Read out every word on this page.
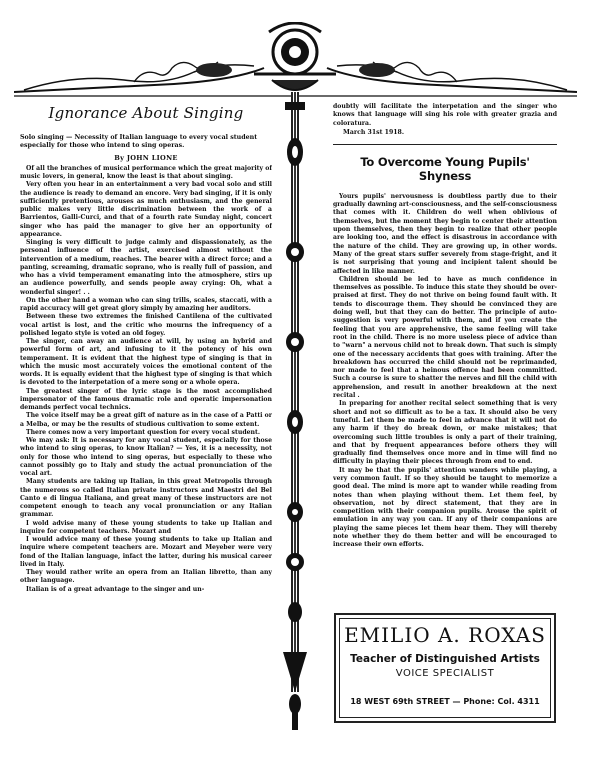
Ignorance About Singing
Solo singing — Necessity of Italian language to every vocal student especially for those who intend to sing operas.
By JOHN LIONE

Of all the branches of musical performance which the great majority of music lovers, in general, know the least is that about singing.

Very often you hear in an entertainment a very bad vocal solo and still the audience is ready to demand an encore. Very bad singing, if it is only sufficiently pretentious, arouses as much enthusiasm, and the general public makes very little discrimination between the work of a Barrientos, Galli-Curci, and that of a fourth rate Sunday night, concert singer who has paid the manager to give her an opportunity of appearance.

Singing is very difficult to judge calmly and dispassionately, as the personal influence of the artist, exercised almost without the intervention of a medium, reaches. The bearer with a direct force; and a panting, screaming, dramatic soprano, who is really full of passion, and who has a vivid temperament emanating into the atmosphere, stirs up an audience powerfully, and sends people away crying: Oh, what a wonderful singer! . .

On the other hand a woman who can sing trills, scales, staccati, with a rapid accuracy will get great glory simply by amazing her auditors.

Between these two extremes the finished Cantilena of the cultivated vocal artist is lost, and the critic who mourns the infrequency of a polished legato style is voted an old fogey.

The singer, can away an audience at will, by using an hybrid and powerful form of art, and infusing to it the potency of his own temperament. It is evident that the highest type of singing is that in which the music most accurately voices the emotional content of the words. It is equally evident that the highest type of singing is that which is devoted to the interpetation of a mere song or a whole opera.

The greatest singer of the lyric stage is the most accomplished impersonator of the famous dramatic role and operatic impersonation demands perfect vocal technics.

The voice itself may be a great gift of nature as in the case of a Patti or a Melba, or may be the results of studious cultivation to some extent.

There comes now a very important question for every vocal student.

We may ask: It is necessary for any vocal student, especially for those who intend to sing operas, to know Italian? — Yes, it is a necessity, not only for those who intend to sing operas, but especially to these who cannot possibly go to Italy and study the actual pronunciation of the vocal art.

Many students are taking up Italian, in this great Metropolis through the numerous so called Italian private instructors and Maestri del Bel Canto e di lingua Italiana, and great many of these instructors are not competent enough to teach any vocal pronunciation or any Italian grammar.

I wold advise many of these young students to take up Italian and inquire for competent teachers. Mozart and

I would advice many of these young students to take up Italian and inquire where competent teachers are. Mozart and Meyeber were very fond of the Italian language, infact the latter, during his musical career lived in Italy.

They would rather write an opera from an Italian libretto, than any other language.

Italian is of a great advantage to the singer and un-

doubtly will facilitate the interpetation and the singer who knows that language will sing his role with greater grazia and coloratura.

March 31st 1918.
To Overcome Young Pupils' Shyness

Yours pupils' nervousness is doubtless partly due to their gradually dawning art-consciousness, and the self-consciousness that comes with it. Children do well when oblivious of themselves, but the moment they begin to center their attention upon themselves, then they begin to realize that other people are looking too, and the effect is disastrous in accordance with the nature of the child. They are growing up, in other words. Many of the great stars suffer severely from stage-fright, and it is not surprising that young and incipient talent should be affected in like manner.

Children should be led to have as much confidence in themselves as possible. To induce this state they should be over-praised at first. They do not thrive on being found fault with. It tends to discourage them. They should be convinced they are doing well, but that they can do better. The principle of auto-suggestion is very powerful with them, and if you create the feeling that you are apprehensive, the same feeling will take root in the child. There is no more useless piece of advice than to "warn" a nervous child not to break down. That such is simply one of the necessary accidents that goes with training. After the breakdown has occurred the child should not be reprimanded, nor made to feel that a heinous offence had been committed. Such a course is sure to shatter the nerves and fill the child with apprehension, and result in another breakdown at the next recital .

In preparing for another recital select something that is very short and not so difficult as to be a tax. It should also be very tuneful. Let them be made to feel in advance that it will not do any harm if they do break down, or make mistakes; that overcoming such little troubles is only a part of their training, and that by frequent appearances before others they will gradually find themselves once more and in time will find no difficulty in playing their pieces through from end to end.

It may be that the pupils' attention wanders while playing, a very common fault. If so they should be taught to memorize a good deal. The mind is more apt to wander while reading from notes than when playing without them. Let them feel, by observation, not by direct statement, that they are in competition with their companion pupils. Arouse the spirit of emulation in any way you can. If any of their companions are playing the same pieces let them hear them. They will thereby note whether they do them better and will be encouraged to increase their own efforts.

EMILIO A. ROXAS
Teacher of Distinguished Artists
VOICE SPECIALIST
18 WEST 69th STREET — Phone: Col. 4311
